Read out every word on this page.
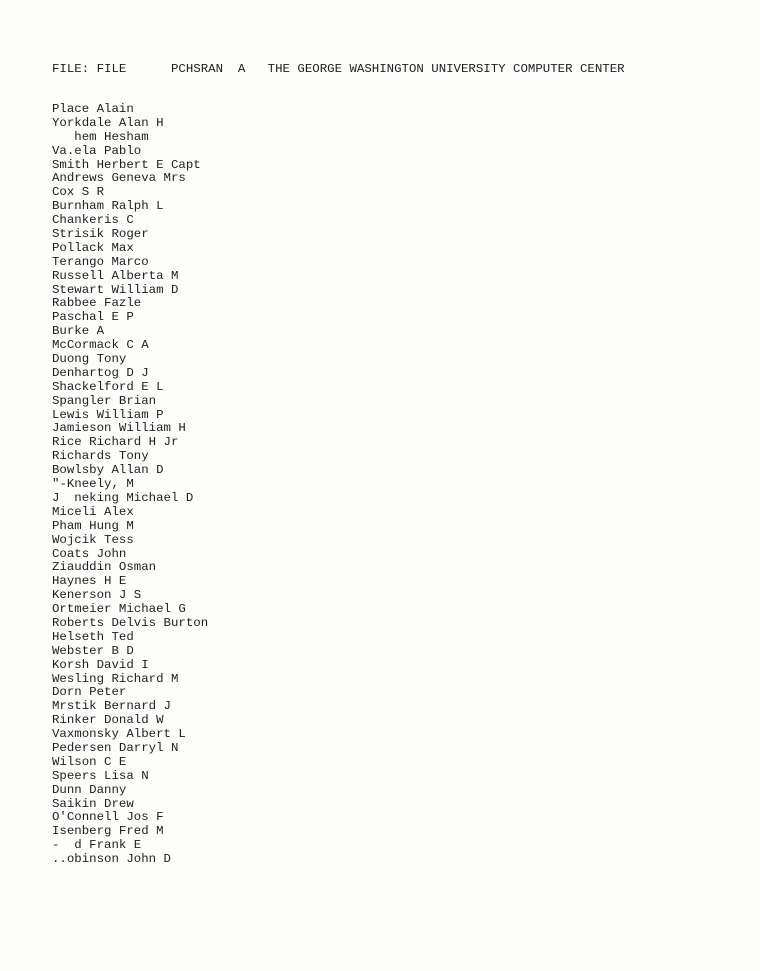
FILE: FILE	PCHSRAN A THE GEORGE WASHINGTON UNIVERSITY COMPUTER CENTER
Place Alain
Yorkdale Alan H
hem Hesham
Va.ela Pablo
Smith Herbert E Capt
Andrews Geneva Mrs
Cox S R
Burnham Ralph L
Chankeris C
Strisik Roger
Pollack Max
Terango Marco
Russell Alberta M
Stewart William D
Rabbee Fazle
Paschal E P
Burke A
McCormack C A
Duong Tony
Denhartog D J
Shackelford E L
Spangler Brian
Lewis William P
Jamieson William H
Rice Richard H Jr
Richards Tony
Bowlsby Allan D
"-Kneely, M
J  neking Michael D
Miceli Alex
Pham Hung M
Wojcik Tess
Coats John
Ziauddin Osman
Haynes H E
Kenerson J S
Ortmeier Michael G
Roberts Delvis Burton
Helseth Ted
Webster B D
Korsh David I
Wesling Richard M
Dorn Peter
Mrstik Bernard J
Rinker Donald W
Vaxmonsky Albert L
Pedersen Darryl N
Wilson C E
Speers Lisa N
Dunn Danny
Saikin Drew
O'Connell Jos F
Isenberg Fred M
-  d Frank E
..obinson John D
